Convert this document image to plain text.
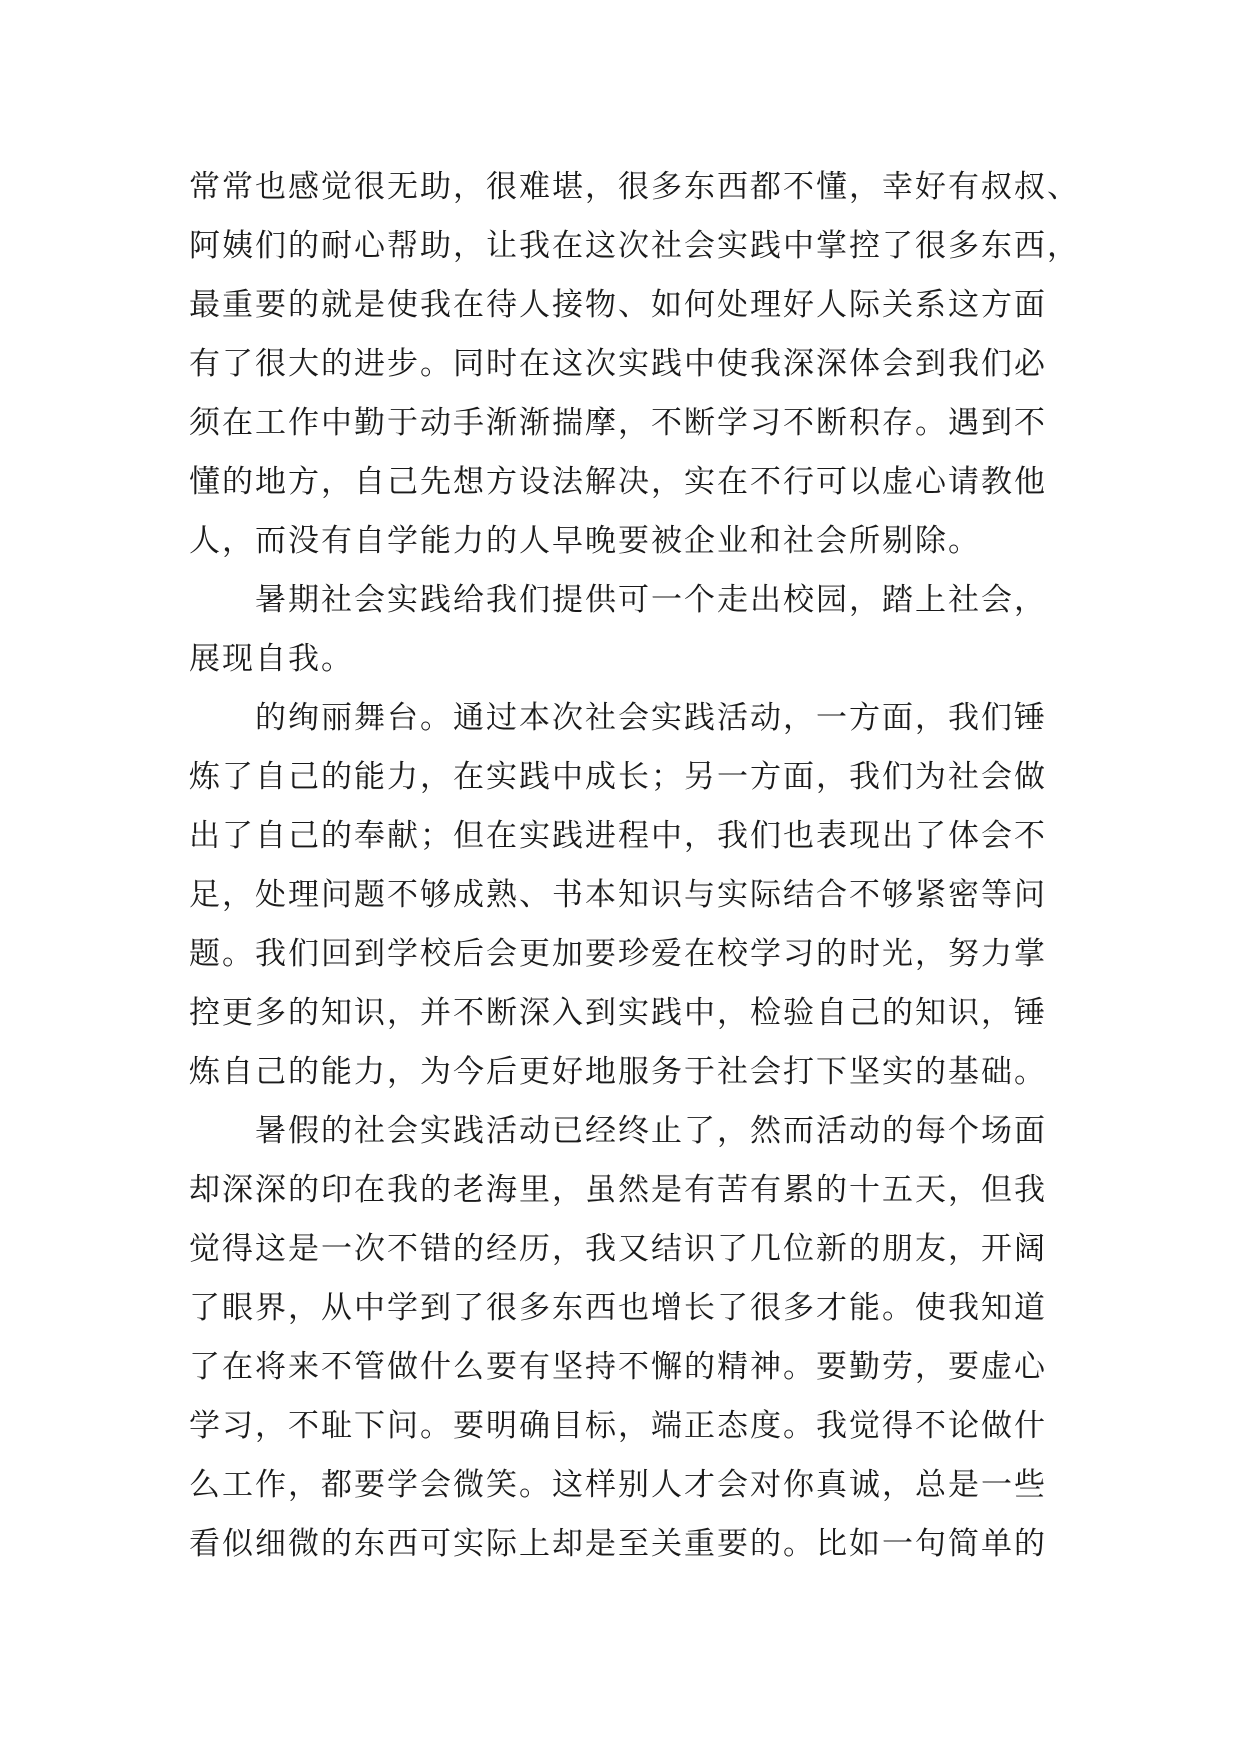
常常也感觉很无助，很难堪，很多东西都不懂，幸好有叔叔、
阿姨们的耐心帮助，让我在这次社会实践中掌控了很多东西，
最重要的就是使我在待人接物、如何处理好人际关系这方面
有了很大的进步。同时在这次实践中使我深深体会到我们必
须在工作中勤于动手渐渐揣摩，不断学习不断积存。遇到不
懂的地方，自己先想方设法解决，实在不行可以虚心请教他
人，而没有自学能力的人早晚要被企业和社会所剔除。
暑期社会实践给我们提供可一个走出校园，踏上社会，
展现自我。
的绚丽舞台。通过本次社会实践活动，一方面，我们锤
炼了自己的能力，在实践中成长；另一方面，我们为社会做
出了自己的奉献；但在实践进程中，我们也表现出了体会不
足，处理问题不够成熟、书本知识与实际结合不够紧密等问
题。我们回到学校后会更加要珍爱在校学习的时光，努力掌
控更多的知识，并不断深入到实践中，检验自己的知识，锤
炼自己的能力，为今后更好地服务于社会打下坚实的基础。
暑假的社会实践活动已经终止了，然而活动的每个场面
却深深的印在我的老海里，虽然是有苦有累的十五天，但我
觉得这是一次不错的经历，我又结识了几位新的朋友，开阔
了眼界，从中学到了很多东西也增长了很多才能。使我知道
了在将来不管做什么要有坚持不懈的精神。要勤劳，要虚心
学习，不耻下问。要明确目标，端正态度。我觉得不论做什
么工作，都要学会微笑。这样别人才会对你真诚，总是一些
看似细微的东西可实际上却是至关重要的。比如一句简单的
